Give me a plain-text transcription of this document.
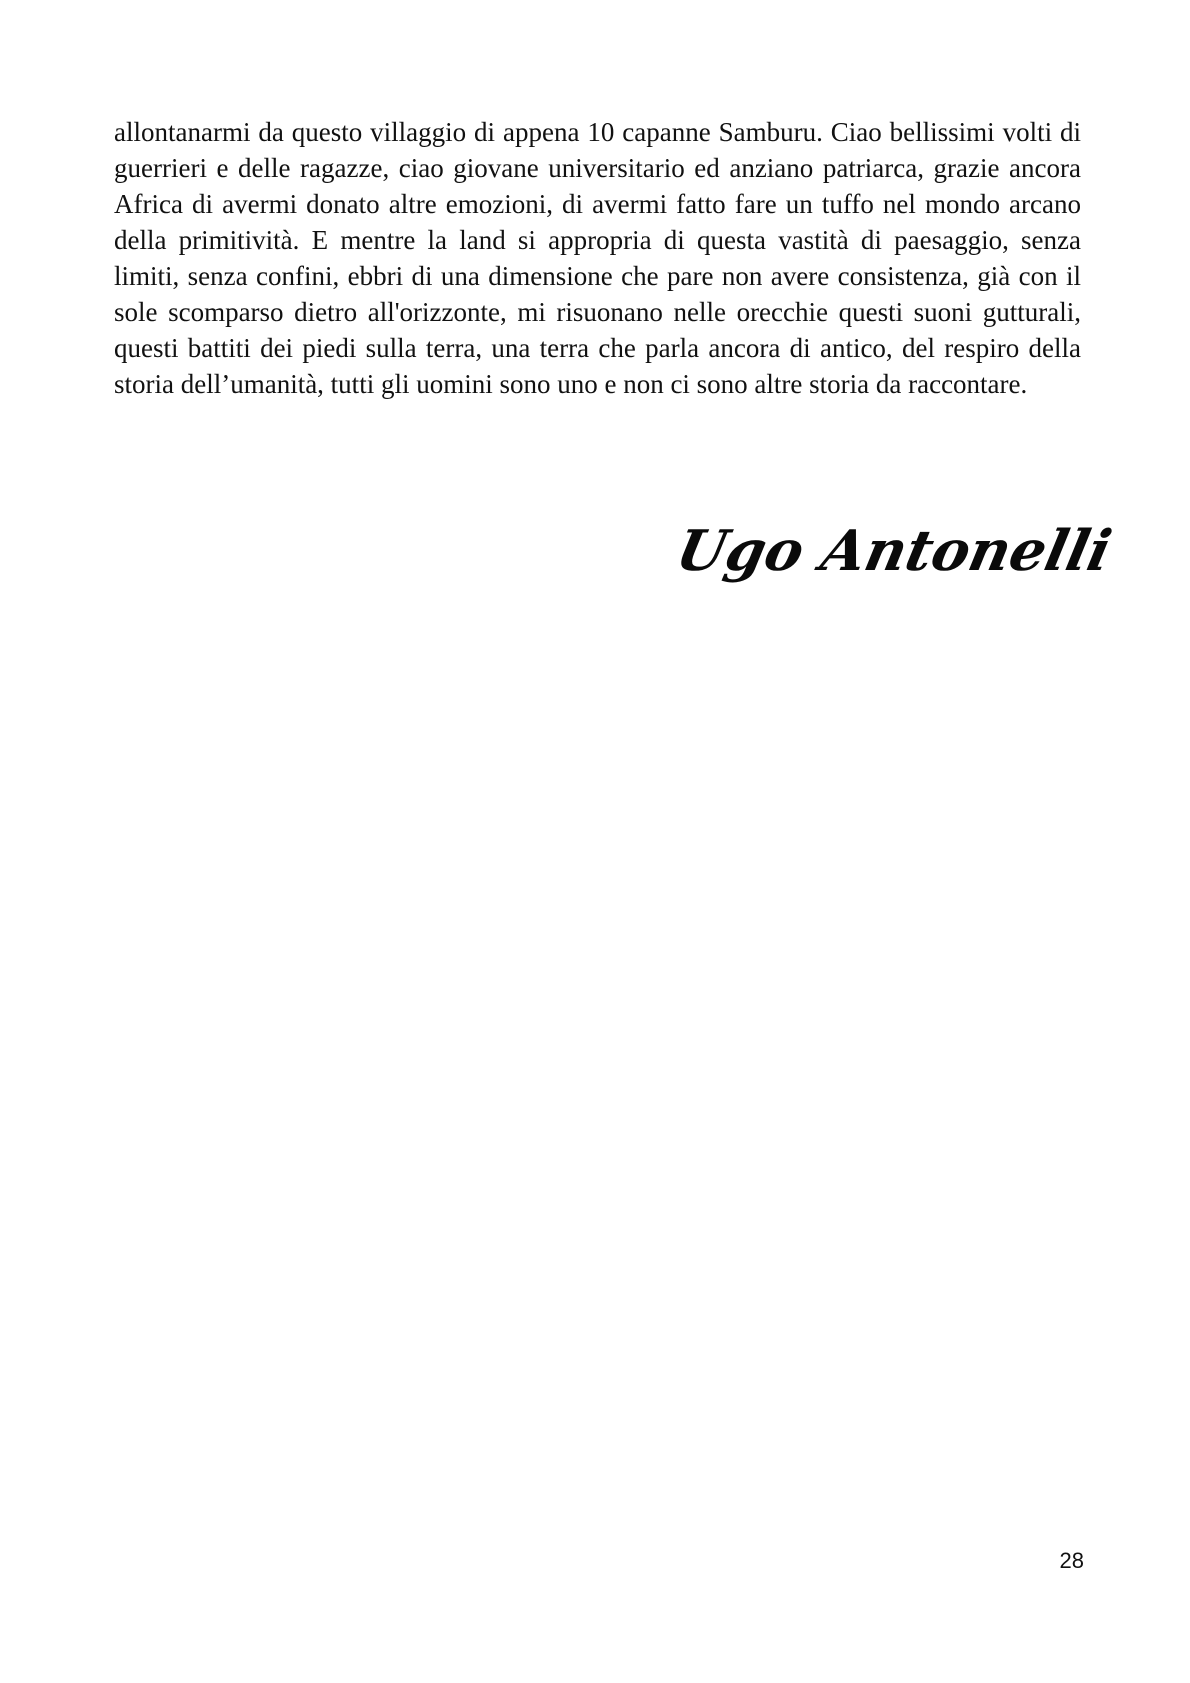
allontanarmi da questo villaggio di appena 10 capanne Samburu. Ciao bellissimi volti di guerrieri e delle ragazze, ciao giovane universitario ed anziano patriarca, grazie ancora Africa di avermi donato altre emozioni, di avermi fatto fare un tuffo nel mondo arcano della primitività. E mentre la land si appropria di questa vastità di paesaggio, senza limiti, senza confini, ebbri di una dimensione che pare non avere consistenza, già con il sole scomparso dietro all'orizzonte, mi risuonano nelle orecchie questi suoni gutturali, questi battiti dei piedi sulla terra, una terra che parla ancora di antico, del respiro della storia dell’umanità, tutti gli uomini sono uno e non ci sono altre storia da raccontare.

Ugo Antonelli
28
